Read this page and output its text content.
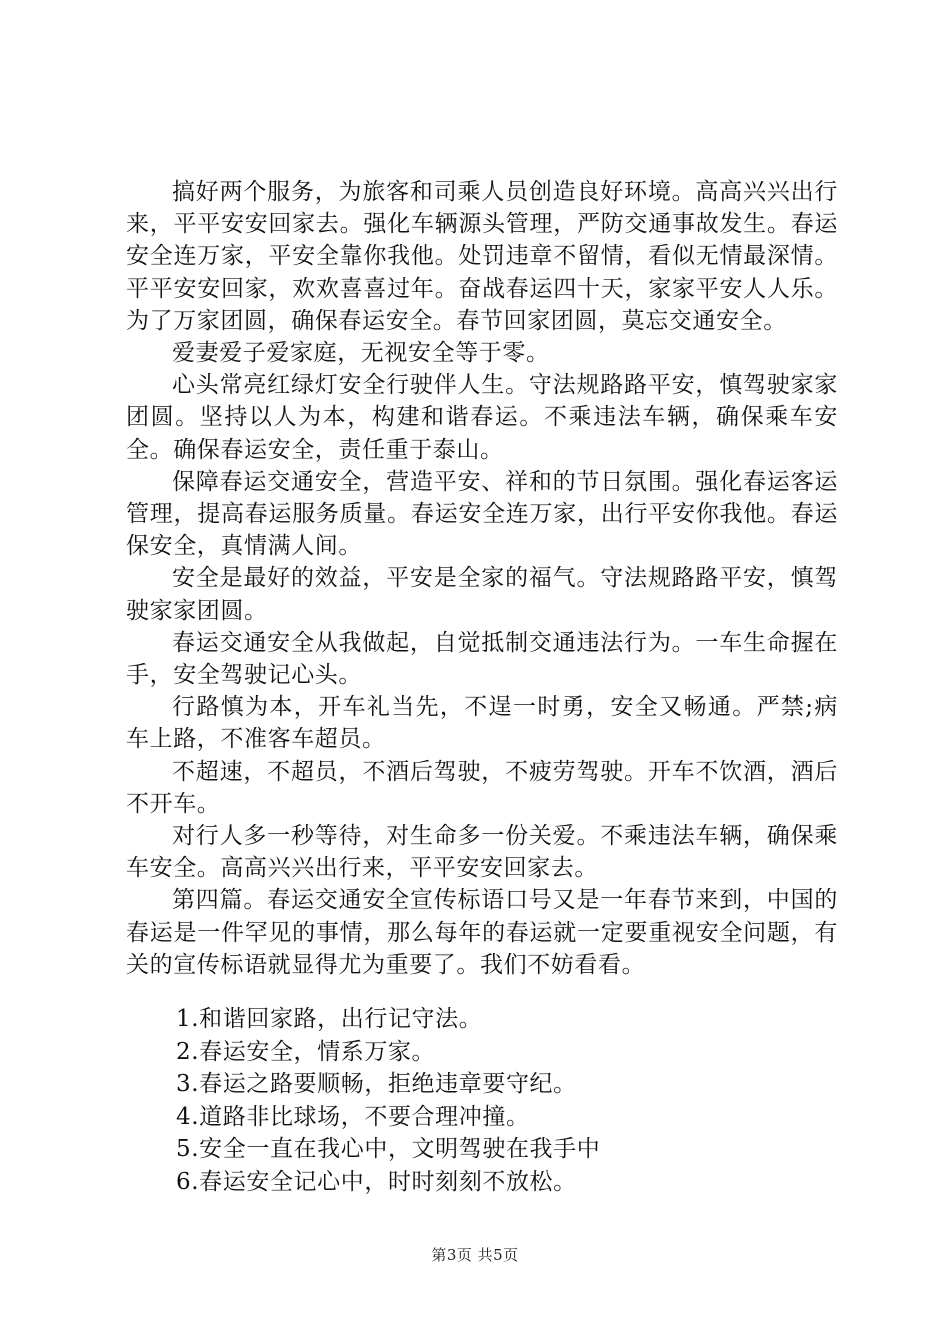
搞好两个服务，为旅客和司乘人员创造良好环境。高高兴兴出行来，平平安安回家去。强化车辆源头管理，严防交通事故发生。春运安全连万家，平安全靠你我他。处罚违章不留情，看似无情最深情。平平安安回家，欢欢喜喜过年。奋战春运四十天，家家平安人人乐。为了万家团圆，确保春运安全。春节回家团圆，莫忘交通安全。

爱妻爱子爱家庭，无视安全等于零。

心头常亮红绿灯安全行驶伴人生。守法规路路平安，慎驾驶家家团圆。坚持以人为本，构建和谐春运。不乘违法车辆，确保乘车安全。确保春运安全，责任重于泰山。

保障春运交通安全，营造平安、祥和的节日氛围。强化春运客运管理，提高春运服务质量。春运安全连万家，出行平安你我他。春运保安全，真情满人间。

安全是最好的效益，平安是全家的福气。守法规路路平安，慎驾驶家家团圆。

春运交通安全从我做起，自觉抵制交通违法行为。一车生命握在手，安全驾驶记心头。

行路慎为本，开车礼当先，不逞一时勇，安全又畅通。严禁;病车上路，不准客车超员。

不超速，不超员，不酒后驾驶，不疲劳驾驶。开车不饮酒，酒后不开车。

对行人多一秒等待，对生命多一份关爱。不乘违法车辆，确保乘车安全。高高兴兴出行来，平平安安回家去。

第四篇。春运交通安全宣传标语口号又是一年春节来到，中国的春运是一件罕见的事情，那么每年的春运就一定要重视安全问题，有关的宣传标语就显得尤为重要了。我们不妨看看。

1.和谐回家路，出行记守法。
2.春运安全，情系万家。
3.春运之路要顺畅，拒绝违章要守纪。
4.道路非比球场，不要合理冲撞。
5.安全一直在我心中，文明驾驶在我手中
6.春运安全记心中，时时刻刻不放松。
第3页 共5页
